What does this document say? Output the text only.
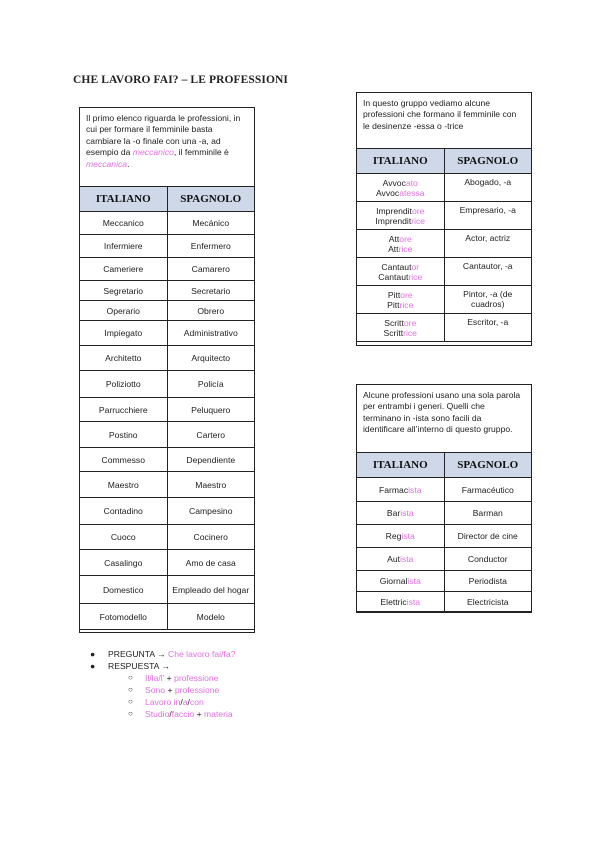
CHE LAVORO FAI? – LE PROFESSIONI
Il primo elenco riguarda le professioni, in cui per formare il femminile basta cambiare la -o finale con una -a, ad esempio da meccanico, il femminile è meccanica.
ITALIANO	SPAGNOLO
Meccanico	Mecánico
Infermiere	Enfermero
Cameriere	Camarero
Segretario	Secretario
Operario	Obrero
Impiegato	Administrativo
Architetto	Arquitecto
Poliziotto	Policía
Parrucchiere	Peluquero
Postino	Cartero
Commesso	Dependiente
Maestro	Maestro
Contadino	Campesino
Cuoco	Cocinero
Casalingo	Amo de casa
Domestico	Empleado del hogar
Fotomodello	Modelo
In questo gruppo vediamo alcune professioni che formano il femminile con le desinenze -essa o -trice
ITALIANO	SPAGNOLO
Avvocato
Avvocatessa	Abogado, -a
Imprenditore
Imprenditrice	Empresario, -a
Attore
Attrice	Actor, actriz
Cantautor
Cantautrice	Cantautor, -a
Pittore
Pittrice	Pintor, -a (de cuadros)
Scrittore
Scrittrice	Escritor, -a
Alcune professioni usano una sola parola per entrambi i generi. Quelli che terminano in -ista sono facili da identificare all’interno di questo gruppo.
ITALIANO	SPAGNOLO
Farmacista	Farmacéutico
Barista	Barman
Regista	Director de cine
Autista	Conductor
Giornalista	Periodista
Elettricista	Electricista
● PREGUNTA → Che lavoro fai/fa?
● RESPUESTA →
○ Il/la/l’ + professione
○ Sono + professione
○ Lavoro in/a/con
○ Studio/faccio + materia
